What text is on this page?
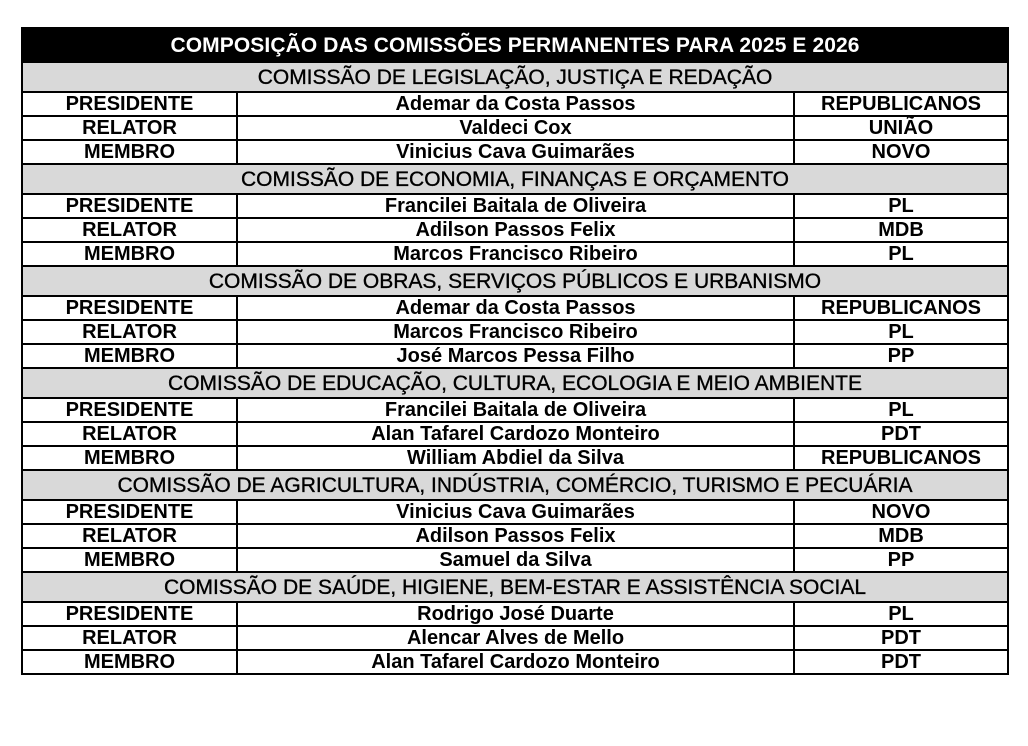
COMPOSIÇÃO DAS COMISSÕES PERMANENTES PARA 2025 E 2026		
COMISSÃO DE LEGISLAÇÃO, JUSTIÇA E REDAÇÃO		
PRESIDENTE	Ademar da Costa Passos	REPUBLICANOS
RELATOR	Valdeci Cox	UNIÃO
MEMBRO	Vinicius Cava Guimarães	NOVO
COMISSÃO DE ECONOMIA, FINANÇAS E ORÇAMENTO		
PRESIDENTE	Francilei Baitala de Oliveira	PL
RELATOR	Adilson Passos Felix	MDB
MEMBRO	Marcos Francisco Ribeiro	PL
COMISSÃO DE OBRAS, SERVIÇOS PÚBLICOS E URBANISMO		
PRESIDENTE	Ademar da Costa Passos	REPUBLICANOS
RELATOR	Marcos Francisco Ribeiro	PL
MEMBRO	José Marcos Pessa Filho	PP
COMISSÃO DE EDUCAÇÃO, CULTURA, ECOLOGIA E MEIO AMBIENTE		
PRESIDENTE	Francilei Baitala de Oliveira	PL
RELATOR	Alan Tafarel Cardozo Monteiro	PDT
MEMBRO	William Abdiel da Silva	REPUBLICANOS
COMISSÃO DE AGRICULTURA, INDÚSTRIA, COMÉRCIO, TURISMO E PECUÁRIA		
PRESIDENTE	Vinicius Cava Guimarães	NOVO
RELATOR	Adilson Passos Felix	MDB
MEMBRO	Samuel da Silva	PP
COMISSÃO DE SAÚDE, HIGIENE, BEM-ESTAR E ASSISTÊNCIA SOCIAL		
PRESIDENTE	Rodrigo José Duarte	PL
RELATOR	Alencar Alves de Mello	PDT
MEMBRO	Alan Tafarel Cardozo Monteiro	PDT
